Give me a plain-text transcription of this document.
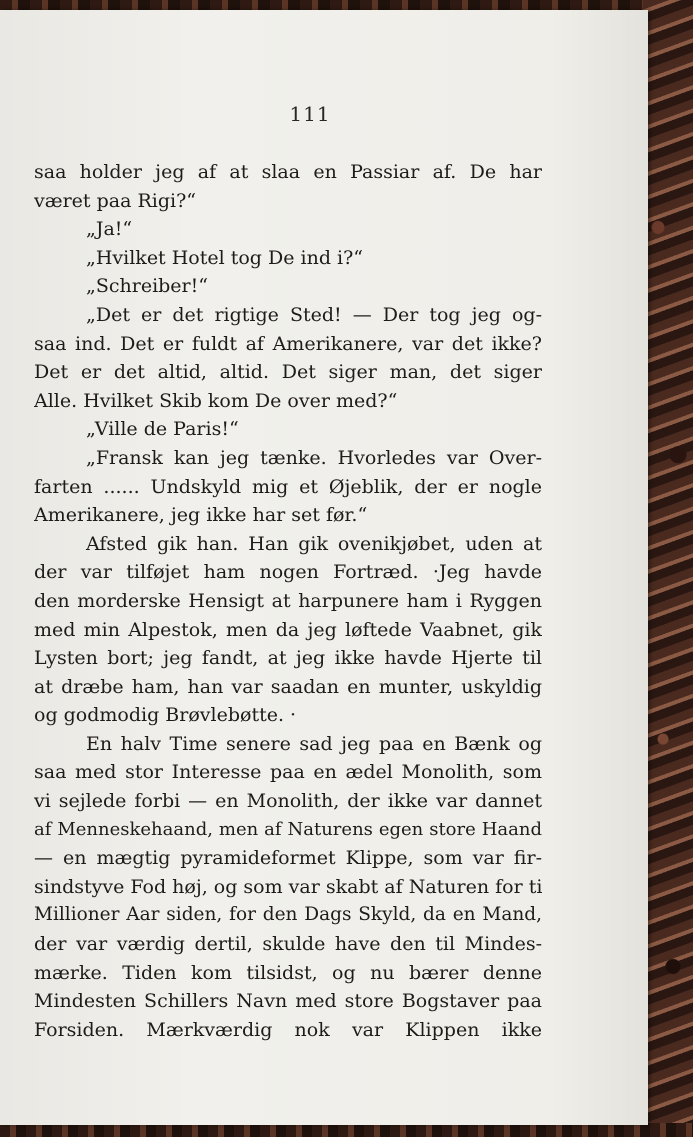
111
saa holder jeg af at slaa en Passiar af. De har
været paa Rigi?“
„Ja!“
„Hvilket Hotel tog De ind i?“
„Schreiber!“
„Det er det rigtige Sted! — Der tog jeg og-
saa ind. Det er fuldt af Amerikanere, var det ikke?
Det er det altid, altid. Det siger man, det siger
Alle. Hvilket Skib kom De over med?“
„Ville de Paris!“
„Fransk kan jeg tænke. Hvorledes var Over-
farten ...... Undskyld mig et Øjeblik, der er nogle
Amerikanere, jeg ikke har set før.“
Afsted gik han. Han gik ovenikjøbet, uden at
der var tilføjet ham nogen Fortræd. ·Jeg havde
den morderske Hensigt at harpunere ham i Ryggen
med min Alpestok, men da jeg løftede Vaabnet, gik
Lysten bort; jeg fandt, at jeg ikke havde Hjerte til
at dræbe ham, han var saadan en munter, uskyldig
og godmodig Brøvlebøtte. ·
En halv Time senere sad jeg paa en Bænk og
saa med stor Interesse paa en ædel Monolith, som
vi sejlede forbi — en Monolith, der ikke var dannet
af Menneskehaand, men af Naturens egen store Haand
— en mægtig pyramideformet Klippe, som var fir-
sindstyve Fod høj, og som var skabt af Naturen for ti
Millioner Aar siden, for den Dags Skyld, da en Mand,
der var værdig dertil, skulde have den til Mindes-
mærke. Tiden kom tilsidst, og nu bærer denne
Mindesten Schillers Navn med store Bogstaver paa
Forsiden. Mærkværdig nok var Klippen ikke
